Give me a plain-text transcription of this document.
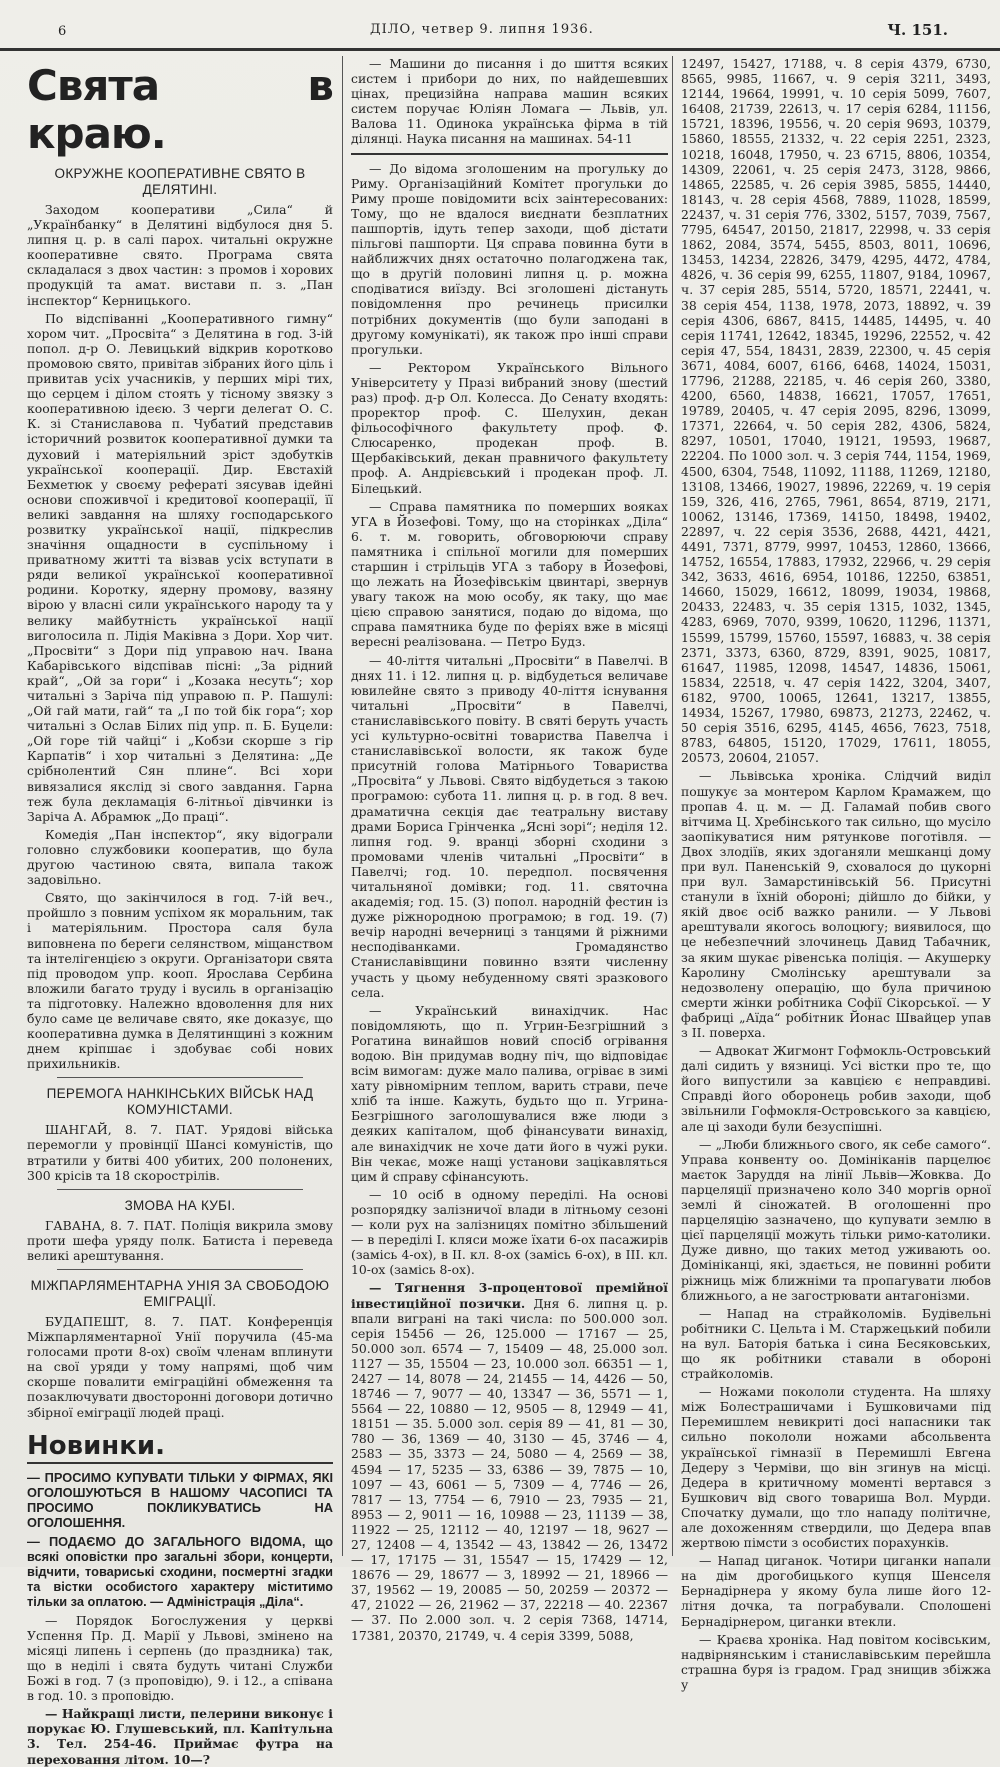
6	ДІЛО, четвер 9. липня 1936.	Ч. 151.
Свята в краю.
ОКРУЖНЕ КООПЕРАТИВНЕ СВЯТО В ДЕЛЯТИНІ.

Заходом кооперативи „Сила“ й „Українбанку“ в Делятині відбулося дня 5. липня ц. р. в салі парох. читальні окружне кооперативне свято. Програма свята складалася з двох частин: з промов і хорових продукцій та амат. вистави п. з. „Пан інспектор“ Керницького.

По відспіванні „Кооперативного гимну“ хором чит. „Просвіта“ з Делятина в год. 3-ій попол. д-р О. Левицький відкрив коротково промовою свято, привітав зібраних його ціль і привитав усіх учасників, у перших мірі тих, що серцем і ділом стоять у тісному звязку з кооперативною ідеєю. З черги делегат О. С. К. зі Станиславова п. Чубатий представив історичний розвиток кооперативної думки та духовий і матеріяльний зріст здобутків української кооперації. Дир. Евстахій Бехметюк у своєму рефераті зясував ідейні основи споживчої і кредитової кооперації, її великі завдання на шляху господарського розвитку української нації, підкреслив значіння ощадности в суспільному і приватному житті та візвав усіх вступати в ряди великої української кооперативної родини. Коротку, ядерну промову, вазяну вірою у власні сили українського народу та у велику майбутність української нації виголосила п. Лідія Маківна з Дори. Хор чит. „Просвіти“ з Дори під управою нач. Івана Кабарівського відспівав пісні: „За рідний край“, „Ой за гори“ і „Козака несуть“; хор читальні з Заріча під управою п. Р. Пашулі: „Ой гай мати, гай“ та „І по той бік гора“; хор читальні з Ослав Білих під упр. п. Б. Буцели: „Ой горе тій чайці“ і „Кобзи скорше з гір Карпатів“ і хор читальні з Делятина: „Де срібнолентий Сян плине“. Всі хори вивязалися якслід зі свого завдання. Гарна теж була декламація 6-літньої дівчинки із Заріча А. Абрамюк „До праці“.

Комедія „Пан інспектор“, яку відограли головно службовики кооператив, що була другою частиною свята, випала також задовільно.

Свято, що закінчилося в год. 7-ій веч., пройшло з повним успіхом як моральним, так і матеріяльним. Простора саля була виповнена по береги селянством, міщанством та інтелігенцією з округи. Організатори свята під проводом упр. кооп. Ярослава Сербина вложили багато труду і вусиль в організацію та підготовку. Належно вдоволення для них було саме це величаве свято, яке доказує, що кооперативна думка в Делятинщині з кожним днем кріпшає і здобуває собі нових прихильників.

ПЕРЕМОГА НАНКІНСЬКИХ ВІЙСЬК НАД КОМУНІСТАМИ.

ШАНГАЙ, 8. 7. ПАТ. Урядові війська перемогли у провінції Шансі комуністів, що втратили у битві 400 убитих, 200 полонених, 300 крісів та 18 скорострілів.

ЗМОВА НА КУБІ.

ГАВАНА, 8. 7. ПАТ. Поліція викрила змову проти шефа уряду полк. Батиста і переведа великі арештування.

МІЖПАРЛЯМЕНТАРНА УНІЯ ЗА СВОБОДОЮ ЕМІГРАЦІЇ.

БУДАПЕШТ, 8. 7. ПАТ. Конференція Міжпарляментарної Унії поручила (45-ма голосами проти 8-ох) своїм членам вплинути на свої уряди у тому напрямі, щоб чим скорше повалити еміграційні обмеження та позаключувати двосторонні договори дотично збірної еміграції людей праці.

Новинки.
— ПРОСИМО КУПУВАТИ ТІЛЬКИ У ФІРМАХ, ЯКІ ОГОЛОШУЮТЬСЯ В НАШОМУ ЧАСОПИСІ ТА ПРОСИМО ПОКЛИКУВАТИСЬ НА ОГОЛОШЕННЯ.
— ПОДАЄМО ДО ЗАГАЛЬНОГО ВІДОМА, що всякі оповістки про загальні збори, концерти, відчити, товариські сходини, посмертні згадки та вістки особистого характеру міститимо тільки за оплатою. — Адміністрація „Діла“.

— Порядок Богослужения у церкві Успення Пр. Д. Марії у Львові, змінено на місяці липень і серпень (до праздника) так, що в неділі і свята будуть читані Служби Божі в год. 7 (з проповідю), 9. і 12., а співана в год. 10. з проповідю.

— Найкращі листи, пелерини виконує і порукає Ю. Глушевський, пл. Капітульна 3. Тел. 254-46. Приймає футра на переховання літом. 10—?

— Машини до писання і до шиття всяких систем і прибори до них, по найдешевших цінах, прецизійна направа машин всяких систем поручає Юліян Ломага — Львів, ул. Валова 11. Одинока українська фірма в тій ділянці. Наука писання на машинах. 54-11

— До відома зголошеним на прогульку до Риму. Організаційний Комітет прогульки до Риму проше повідомити всіх заінтересованих: Тому, що не вдалося виєднати безплатних пашпортів, ідуть тепер заходи, щоб дістати пільгові пашпорти. Ця справа повинна бути в найближчих днях остаточно полагоджена так, що в другій половині липня ц. р. можна сподіватися виїзду. Всі зголошені дістануть повідомлення про речинець присилки потрібних документів (що були заподані в другому комунікаті), як також про інші справи прогульки.

— Ректором Українського Вільного Університету у Празі вибраний знову (шестий раз) проф. д-р Ол. Колесса. До Сенату входять: проректор проф. С. Шелухин, декан фільософічного факультету проф. Ф. Слюсаренко, продекан проф. В. Щербаківський, декан правничого факультету проф. А. Андрієвський і продекан проф. Л. Білецький.

— Справа памятника по померших вояках УГА в Йозефові. Тому, що на сторінках „Діла“ 6. т. м. говорить, обговорюючи справу памятника і спільної могили для померших старшин і стрільців УГА з табору в Йозефові, що лежать на Йозефівськім цвинтарі, звернув увагу також на мою особу, як таку, що має цією справою занятися, подаю до відома, що справа памятника буде по феріях вже в місяці вересні реалізована. — Петро Будз.

— 40-ліття читальні „Просвіти“ в Павелчі. В днях 11. і 12. липня ц. р. відбудеться величаве ювилейне свято з приводу 40-ліття існування читальні „Просвіти“ в Павелчі, станиславівського повіту. В святі беруть участь усі культурно-освітні товариства Павелча і станиславівської волости, як також буде присутній голова Матірнього Товариства „Просвіта“ у Львові. Свято відбудеться з такою програмою: субота 11. липня ц. р. в год. 8 веч. драматична секція дає театральну виставу драми Бориса Грінченка „Ясні зорі“; неділя 12. липня год. 9. вранці зборні сходини з промовами членів читальні „Просвіти“ в Павелчі; год. 10. передпол. посвячення читальняної домівки; год. 11. святочна академія; год. 15. (3) попол. народній фестин із дуже ріжнородною програмою; в год. 19. (7) вечір народні вечерниці з танцями й ріжними несподіванками. Громадянство Станиславівщини повинно взяти численну участь у цьому небуденному святі зразкового села.

— Український винахідчик. Нас повідомляють, що п. Угрин-Безгрішний з Рогатина винайшов новий спосіб огрівання водою. Він придумав водну піч, що відповідає всім вимогам: дуже мало палива, огріває в зимі хату рівномірним теплом, варить страви, пече хліб та інше. Кажуть, будьто що п. Угрина-Безгрішного заголошувалися вже люди з деяких капіталом, щоб фінансувати винахід, але винахідчик не хоче дати його в чужі руки. Він чекає, може нащі установи зацікавляться цим й справу сфінансують.

— 10 осіб в одному переділі. На основі розпорядку залізничої влади в літньому сезоні — коли рух на залізницях помітно збільшений — в переділі I. кляси може їхати 6-ох пасажирів (замісь 4-ох), в II. кл. 8-ох (замісь 6-ох), в III. кл. 10-ох (замісь 8-ох).

— Тягнення 3-процентової премійної інвестиційної позички. Дня 6. липня ц. р. впали виграні на такі числа: по 500.000 зол. серія 15456 — 26, 125.000 — 17167 — 25, 50.000 зол. 6574 — 7, 15409 — 48, 25.000 зол. 1127 — 35, 15504 — 23, 10.000 зол. 66351 — 1, 2427 — 14, 8078 — 24, 21455 — 14, 4426 — 50, 18746 — 7, 9077 — 40, 13347 — 36, 5571 — 1, 5564 — 22, 10880 — 12, 9505 — 8, 12949 — 41, 18151 — 35. 5.000 зол. серія 89 — 41, 81 — 30, 780 — 36, 1369 — 40, 3130 — 45, 3746 — 4, 2583 — 35, 3373 — 24, 5080 — 4, 2569 — 38, 4594 — 17, 5235 — 33, 6386 — 39, 7875 — 10, 1097 — 43, 6061 — 5, 7309 — 4, 7746 — 26, 7817 — 13, 7754 — 6, 7910 — 23, 7935 — 21, 8953 — 2, 9011 — 16, 10988 — 23, 11139 — 38, 11922 — 25, 12112 — 40, 12197 — 18, 9627 — 27, 12408 — 4, 13542 — 43, 13842 — 26, 13472 — 17, 17175 — 31, 15547 — 15, 17429 — 12, 18676 — 29, 18677 — 3, 18992 — 21, 18966 — 37, 19562 — 19, 20085 — 50, 20259 — 20372 — 47, 21022 — 26, 21962 — 37, 22218 — 40. 22367 — 37. По 2.000 зол. ч. 2 серія 7368, 14714, 17381, 20370, 21749, ч. 4 серія 3399, 5088,

12497, 15427, 17188, ч. 8 серія 4379, 6730, 8565, 9985, 11667, ч. 9 серія 3211, 3493, 12144, 19664, 19991, ч. 10 серія 5099, 7607, 16408, 21739, 22613, ч. 17 серія 6284, 11156, 15721, 18396, 19556, ч. 20 серія 9693, 10379, 15860, 18555, 21332, ч. 22 серія 2251, 2323, 10218, 16048, 17950, ч. 23 6715, 8806, 10354, 14309, 22061, ч. 25 серія 2473, 3128, 9866, 14865, 22585, ч. 26 серія 3985, 5855, 14440, 18143, ч. 28 серія 4568, 7889, 11028, 18599, 22437, ч. 31 серія 776, 3302, 5157, 7039, 7567, 7795, 64547, 20150, 21817, 22998, ч. 33 серія 1862, 2084, 3574, 5455, 8503, 8011, 10696, 13453, 14234, 22826, 3479, 4295, 4472, 4784, 4826, ч. 36 серія 99, 6255, 11807, 9184, 10967, ч. 37 серія 285, 5514, 5720, 18571, 22441, ч. 38 серія 454, 1138, 1978, 2073, 18892, ч. 39 серія 4306, 6867, 8415, 14485, 14495, ч. 40 серія 11741, 12642, 18345, 19296, 22552, ч. 42 серія 47, 554, 18431, 2839, 22300, ч. 45 серія 3671, 4084, 6007, 6166, 6468, 14024, 15031, 17796, 21288, 22185, ч. 46 серія 260, 3380, 4200, 6560, 14838, 16621, 17057, 17651, 19789, 20405, ч. 47 серія 2095, 8296, 13099, 17371, 22664, ч. 50 серія 282, 4306, 5824, 8297, 10501, 17040, 19121, 19593, 19687, 22204. По 1000 зол. ч. 3 серія 744, 1154, 1969, 4500, 6304, 7548, 11092, 11188, 11269, 12180, 13108, 13466, 19027, 19896, 22269, ч. 19 серія 159, 326, 416, 2765, 7961, 8654, 8719, 2171, 10062, 13146, 17369, 14150, 18498, 19402, 22897, ч. 22 серія 3536, 2688, 4421, 4421, 4491, 7371, 8779, 9997, 10453, 12860, 13666, 14752, 16554, 17883, 17932, 22966, ч. 29 серія 342, 3633, 4616, 6954, 10186, 12250, 63851, 14660, 15029, 16612, 18099, 19034, 19868, 20433, 22483, ч. 35 серія 1315, 1032, 1345, 4283, 6969, 7070, 9399, 10620, 11296, 11371, 15599, 15799, 15760, 15597, 16883, ч. 38 серія 2371, 3373, 6360, 8729, 8391, 9025, 10817, 61647, 11985, 12098, 14547, 14836, 15061, 15834, 22518, ч. 47 серія 1422, 3204, 3407, 6182, 9700, 10065, 12641, 13217, 13855, 14934, 15267, 17980, 69873, 21273, 22462, ч. 50 серія 3516, 6295, 4145, 4656, 7623, 7518, 8783, 64805, 15120, 17029, 17611, 18055, 20573, 20604, 21057.

— Львівська хроніка. Слідчий виділ пошукує за монтером Карлом Крамажем, що пропав 4. ц. м. — Д. Галамай побив свого вітчима Ц. Хребінського так сильно, що мусіло заопікуватися ним рятункове поготівля. — Двох злодіїв, яких здоганяли мешканці дому при вул. Паненській 9, сховалося до цукорні при вул. Замарстинівській 56. Присутні станули в їхній обороні; дійшло до бійки, у якій двоє осіб важко ранили. — У Львові арештували якогось волоцюгу; виявилося, що це небезпечний злочинець Давид Табачник, за яким шукає рівенська поліція. — Акушерку Каролину Смолінську арештували за недозволену операцію, що була причиною смерти жінки робітника Софії Сікорської. — У фабриці „Аїда“ робітник Йонас Швайцер упав з ІІ. поверха.

— Адвокат Жигмонт Гофмокль-Островський далі сидить у вязниці. Усі вістки про те, що його випустили за кавцією є неправдиві. Справді його оборонець робив заходи, щоб звільнили Гофмокля-Островського за кавцією, але ці заходи були безуспішні.

— „Люби ближнього свого, як себе самого“. Управа конвенту оо. Домініканів парцелює маєток Заруддя на лінії Львів—Жовква. До парцеляції призначено коло 340 моргів орної землі й сіножатей. В оголошенні про парцеляцію зазначено, що купувати землю в цієї парцеляції можуть тільки римо-католики. Дуже дивно, що таких метод уживають оо. Домініканці, які, здається, не повинні робити ріжниць між ближніми та пропагувати любов ближнього, а не загострювати антагонізми.

— Напад на страйколомів. Будівельні робітники С. Цельта і М. Старжецький побили на вул. Баторія батька і сина Бесяковських, що як робітники ставали в обороні страйколомів.

— Ножами покололи студента. На шляху між Болестрашичами і Бушковичами під Перемишлем невикриті досі напасники так сильно покололи ножами абсольвента української гімназії в Перемишлі Евгена Дедеру з Черміви, що він згинув на місці. Дедера в критичному моменті вертався з Бушкович від свого товариша Вол. Мурди. Спочатку думали, що тло нападу політичне, але дохоженням ствердили, що Дедера впав жертвою пімсти з особистих порахунків.

— Напад циганок. Чотири циганки напали на дім дрогобицького купця Шенселя Бернадірнера у якому була лише його 12-літня дочка, та пограбували. Сполошені Бернадірнером, циганки втекли.

— Краєва хроніка. Над повітом косівським, надвірнянським і станиславівським перейшла страшна буря із градом. Град знищив збіжжа у
